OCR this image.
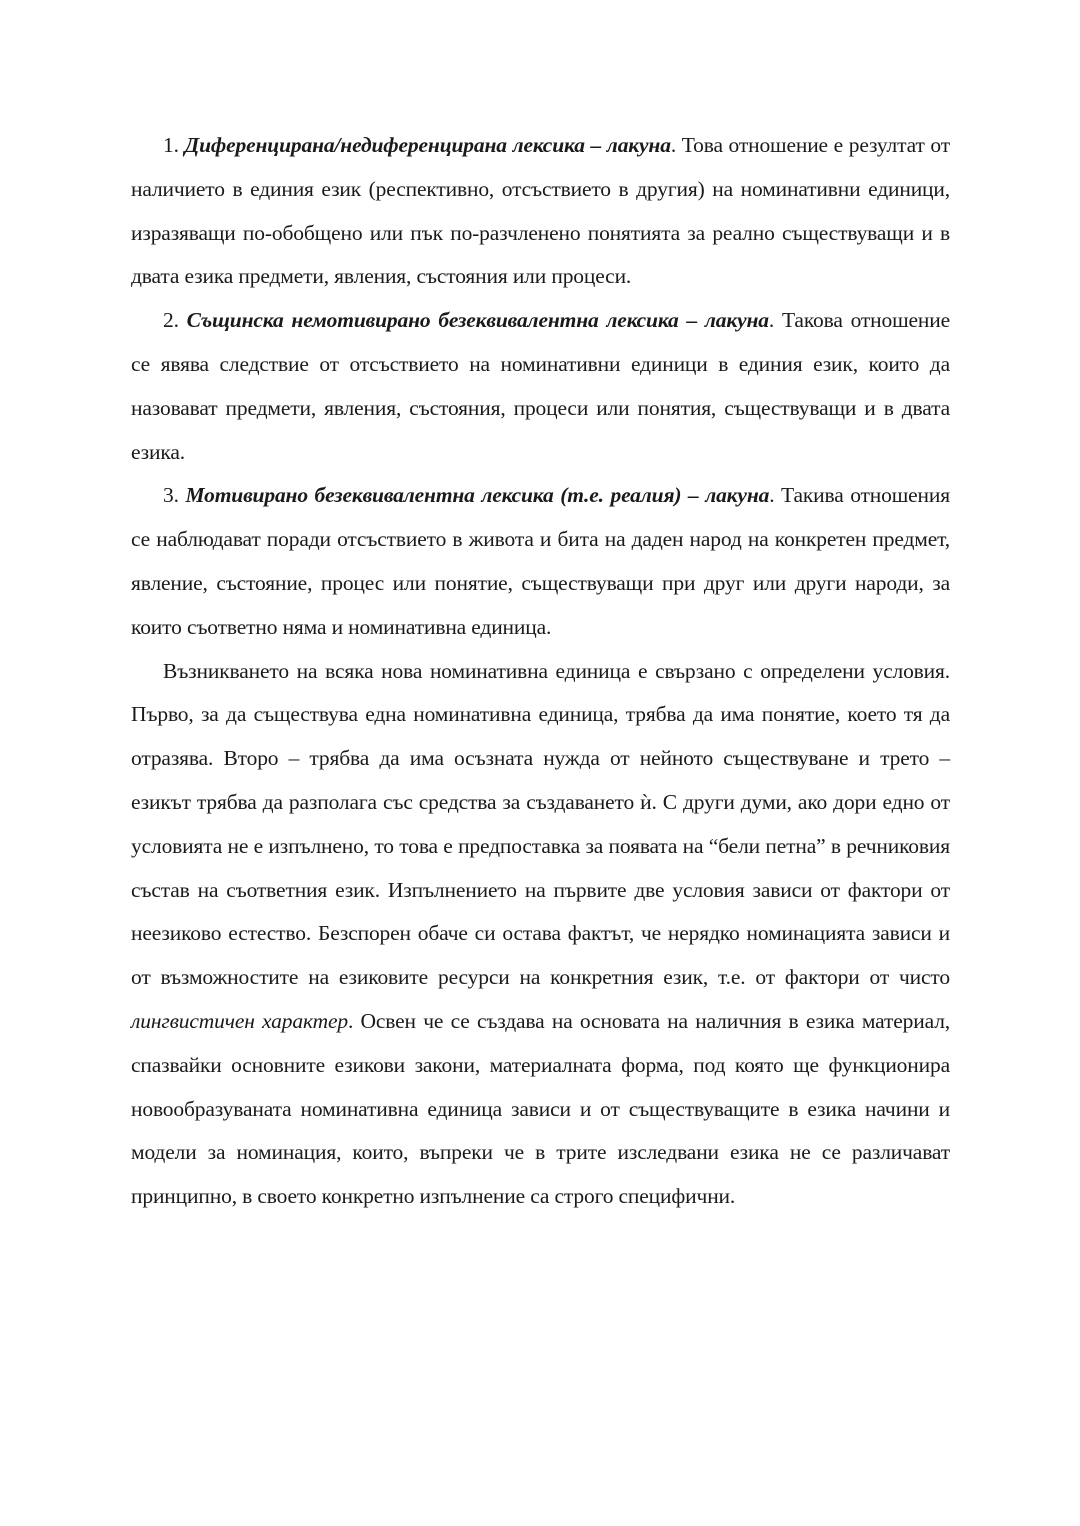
1. Диференцирана/недиференцирана лексика – лакуна. Това отношение е резултат от наличието в единия език (респективно, отсъствието в другия) на номинативни единици, изразяващи по-обобщено или пък по-разчленено понятията за реално съществуващи и в двата езика предмети, явления, състояния или процеси.

2. Същинска немотивирано безеквивалентна лексика – лакуна. Такова отношение се явява следствие от отсъствието на номинативни единици в единия език, които да назовават предмети, явления, състояния, процеси или понятия, съществуващи и в двата езика.

3. Мотивирано безеквивалентна лексика (т.е. реалия) – лакуна. Такива отношения се наблюдават поради отсъствието в живота и бита на даден народ на конкретен предмет, явление, състояние, процес или понятие, съществуващи при друг или други народи, за които съответно няма и номинативна единица.

Възникването на всяка нова номинативна единица е свързано с определени условия. Първо, за да съществува една номинативна единица, трябва да има понятие, което тя да отразява. Второ – трябва да има осъзната нужда от нейното съществуване и трето – езикът трябва да разполага със средства за създаването ѝ. С други думи, ако дори едно от условията не е изпълнено, то това е предпоставка за появата на “бели петна” в речниковия състав на съответния език. Изпълнението на първите две условия зависи от фактори от неезиково естество. Безспорен обаче си остава фактът, че нерядко номинацията зависи и от възможностите на езиковите ресурси на конкретния език, т.е. от фактори от чисто лингвистичен характер. Освен че се създава на основата на наличния в езика материал, спазвайки основните езикови закони, материалната форма, под която ще функционира новообразуваната номинативна единица зависи и от съществуващите в езика начини и модели за номинация, които, въпреки че в трите изследвани езика не се различават принципно, в своето конкретно изпълнение са строго специфични.
